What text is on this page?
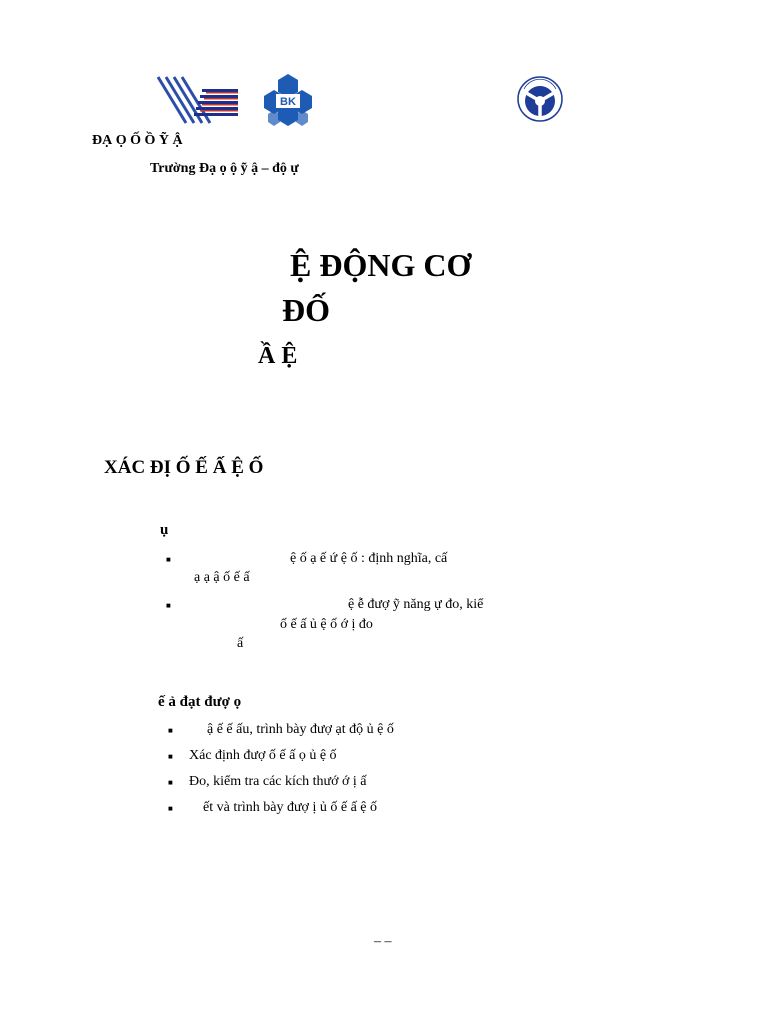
BK
TP.HCM
ĐẠ Ọ Ố Ồ Ỹ Ậ
Trường Đạ ọ ộ ỹ ậ – độ ự
Ệ ĐỘNG CƠ
ĐỐ
Ầ Ệ
XÁC ĐỊ Ố Ế Ấ Ệ Ố
ụ
■	ệ ố ạ ế ứ ệ ố : định nghĩa, cấ
ạ ạ ậ ố ế ấ
■	ệ ễ đượ ỹ năng ự đo, kiể
ố ế ấ ủ ệ ố ớ ị đo
ấ
ế ả đạt đượ ọ
■ ậ ế ế ấu, trình bày đượ ạt độ ủ ệ ố
■ Xác định đượ ố ế ấ ọ ủ ệ ố
■ Đo, kiểm tra các kích thướ ớ ị ấ
■ ết và trình bày đượ ị ủ ố ế ấ ệ ố
– –
